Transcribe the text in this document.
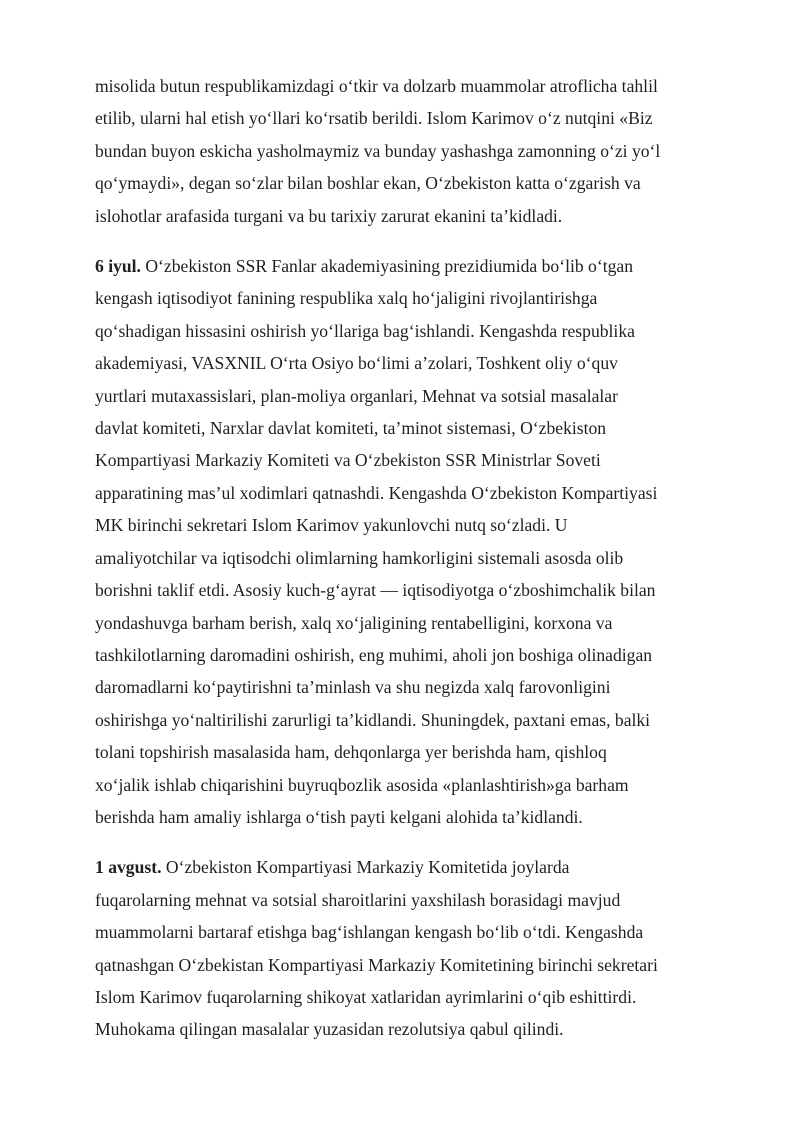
misolida butun respublikamizdagi oʻtkir va dolzarb muammolar atroflicha tahlil
etilib, ularni hal etish yoʻllari koʻrsatib berildi. Islom Karimov oʻz nutqini «Biz
bundan buyon eskicha yasholmaymiz va bunday yashashga zamonning oʻzi yoʻl
qoʻymaydi», degan soʻzlar bilan boshlar ekan, Oʻzbekiston katta oʻzgarish va
islohotlar arafasida turgani va bu tarixiy zarurat ekanini taʼkidladi.

6 iyul. Oʻzbekiston SSR Fanlar akademiyasining prezidiumida boʻlib oʻtgan
kengash iqtisodiyot fanining respublika xalq hoʻjaligini rivojlantirishga
qoʻshadigan hissasini oshirish yoʻllariga bagʻishlandi. Kengashda respublika
akademiyasi, VASXNIL Oʻrta Osiyo boʻlimi aʼzolari, Toshkent oliy oʻquv
yurtlari mutaxassislari, plan-moliya organlari, Mehnat va sotsial masalalar
davlat komiteti, Narxlar davlat komiteti, taʼminot sistemasi, Oʻzbekiston
Kompartiyasi Markaziy Komiteti va Oʻzbekiston SSR Ministrlar Soveti
apparatining masʼul xodimlari qatnashdi. Kengashda Oʻzbekiston Kompartiyasi
MK birinchi sekretari Islom Karimov yakunlovchi nutq soʻzladi. U
amaliyotchilar va iqtisodchi olimlarning hamkorligini sistemali asosda olib
borishni taklif etdi. Asosiy kuch-gʻayrat — iqtisodiyotga oʻzboshimchalik bilan
yondashuvga barham berish, xalq xoʻjaligining rentabelligini, korxona va
tashkilotlarning daromadini oshirish, eng muhimi, aholi jon boshiga olinadigan
daromadlarni koʻpaytirishni taʼminlash va shu negizda xalq farovonligini
oshirishga yoʻnaltirilishi zarurligi taʼkidlandi. Shuningdek, paxtani emas, balki
tolani topshirish masalasida ham, dehqonlarga yer berishda ham, qishloq
xoʻjalik ishlab chiqarishini buyruqbozlik asosida «planlashtirish»ga barham
berishda ham amaliy ishlarga oʻtish payti kelgani alohida taʼkidlandi.

1 avgust. Oʻzbekiston Kompartiyasi Markaziy Komitetida joylarda
fuqarolarning mehnat va sotsial sharoitlarini yaxshilash borasidagi mavjud
muammolarni bartaraf etishga bagʻishlangan kengash boʻlib oʻtdi. Kengashda
qatnashgan Oʻzbekistan Kompartiyasi Markaziy Komitetining birinchi sekretari
Islom Karimov fuqarolarning shikoyat xatlaridan ayrimlarini oʻqib eshittirdi.
Muhokama qilingan masalalar yuzasidan rezolutsiya qabul qilindi.
